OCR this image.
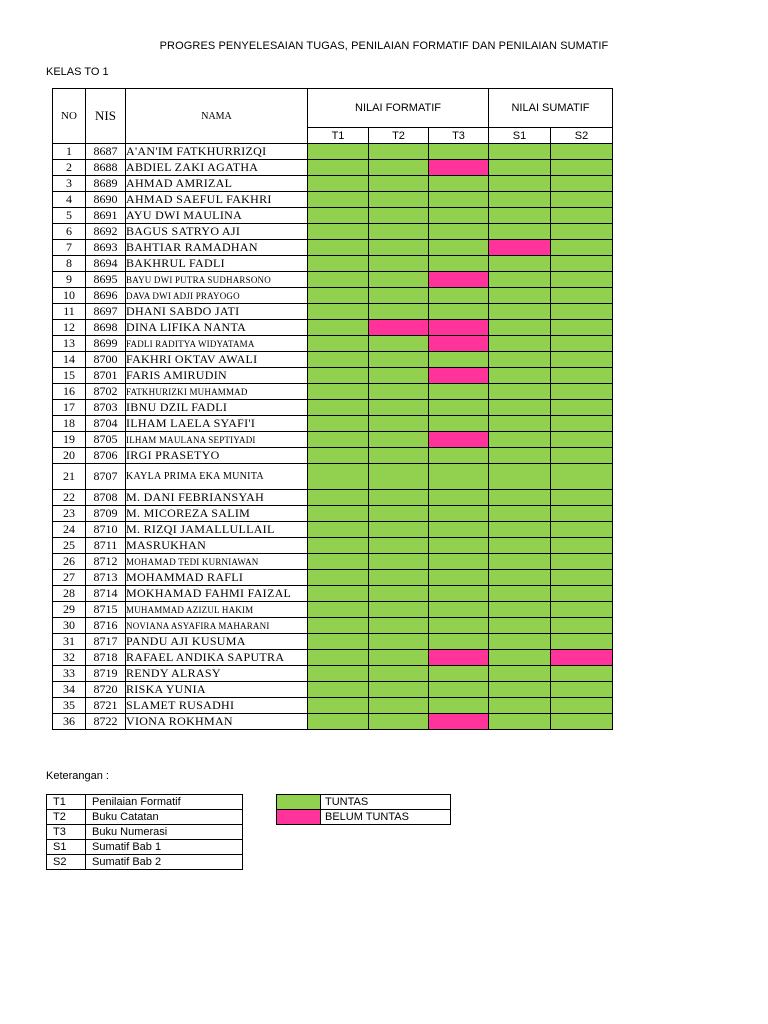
PROGRES PENYELESAIAN TUGAS, PENILAIAN FORMATIF DAN PENILAIAN SUMATIF
KELAS TO 1
NO	NIS	NAMA	NILAI FORMATIF			NILAI SUMATIF	
			T1	T2	T3	S1	S2
1	8687	A'AN'IM FATKHURRIZQI					
2	8688	ABDIEL ZAKI AGATHA					
3	8689	AHMAD AMRIZAL					
4	8690	AHMAD SAEFUL FAKHRI					
5	8691	AYU DWI MAULINA					
6	8692	BAGUS SATRYO AJI					
7	8693	BAHTIAR RAMADHAN					
8	8694	BAKHRUL FADLI					
9	8695	BAYU DWI PUTRA SUDHARSONO					
10	8696	DAVA DWI ADJI PRAYOGO					
11	8697	DHANI SABDO JATI					
12	8698	DINA LIFIKA NANTA					
13	8699	FADLI RADITYA WIDYATAMA					
14	8700	FAKHRI OKTAV AWALI					
15	8701	FARIS AMIRUDIN					
16	8702	FATKHURIZKI MUHAMMAD					
17	8703	IBNU DZIL FADLI					
18	8704	ILHAM LAELA SYAFI'I					
19	8705	ILHAM MAULANA SEPTIYADI					
20	8706	IRGI PRASETYO					
21	8707	KAYLA PRIMA EKA MUNITA					

22	8708	M. DANI FEBRIANSYAH					
23	8709	M. MICOREZA SALIM					
24	8710	M. RIZQI JAMALLULLAIL					
25	8711	MASRUKHAN					
26	8712	MOHAMAD TEDI KURNIAWAN					
27	8713	MOHAMMAD RAFLI					
28	8714	MOKHAMAD FAHMI FAIZAL					
29	8715	MUHAMMAD AZIZUL HAKIM					
30	8716	NOVIANA ASYAFIRA MAHARANI					
31	8717	PANDU AJI KUSUMA					
32	8718	RAFAEL ANDIKA SAPUTRA					
33	8719	RENDY ALRASY					
34	8720	RISKA YUNIA					
35	8721	SLAMET RUSADHI					
36	8722	VIONA ROKHMAN					
Keterangan :
T1	Penilaian Formatif
T2	Buku Catatan
T3	Buku Numerasi
S1	Sumatif Bab 1
S2	Sumatif Bab 2
	TUNTAS
	BELUM TUNTAS
